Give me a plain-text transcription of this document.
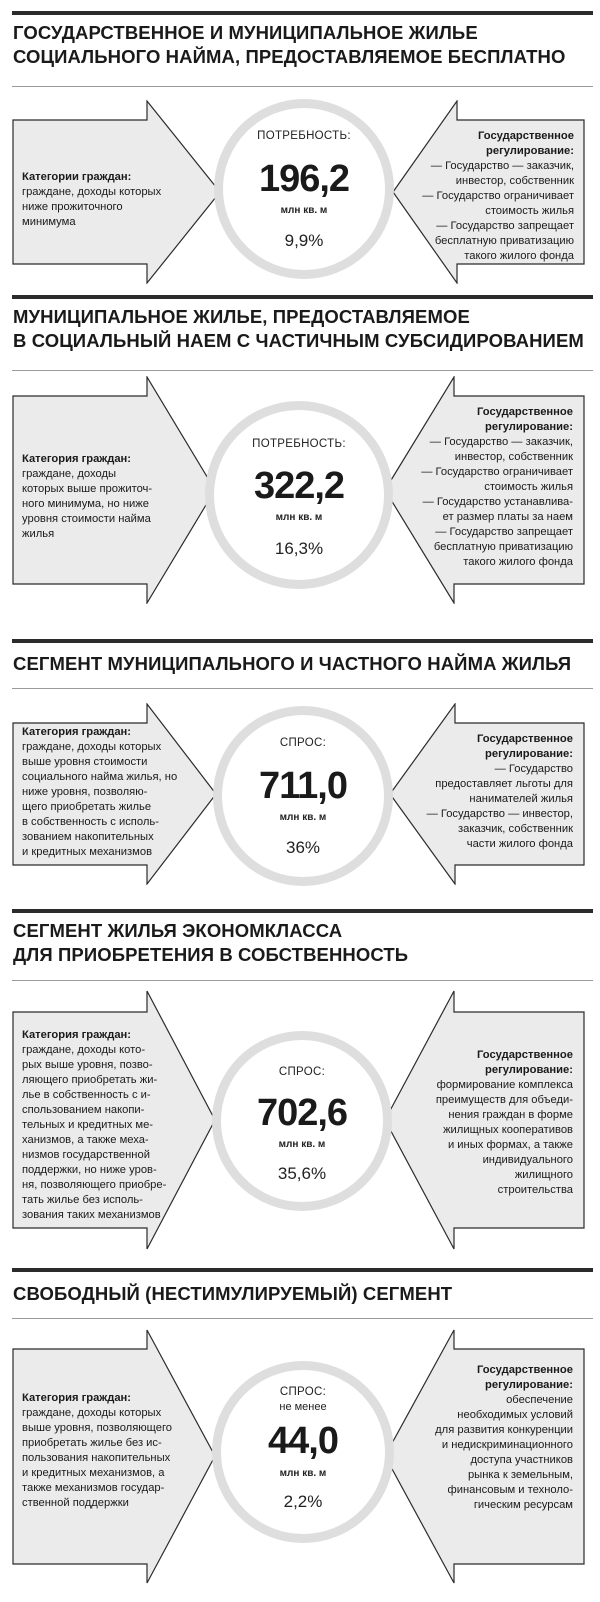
ГОСУДАРСТВЕННОЕ И МУНИЦИПАЛЬНОЕ ЖИЛЬЕ
СОЦИАЛЬНОГО НАЙМА, ПРЕДОСТАВЛЯЕМОЕ БЕСПЛАТНО
Категории граждан:
граждане, доходы которых
ниже прожиточного
минимума
Государственное
регулирование:
— Государство — заказчик,
инвестор, собственник
— Государство ограничивает
стоимость жилья
— Государство запрещает
бесплатную приватизацию
такого жилого фонда
ПОТРЕБНОСТЬ:
196,2
млн кв. м
9,9%
МУНИЦИПАЛЬНОЕ ЖИЛЬЕ, ПРЕДОСТАВЛЯЕМОЕ
В СОЦИАЛЬНЫЙ НАЕМ С ЧАСТИЧНЫМ СУБСИДИРОВАНИЕМ
Категория граждан:
граждане, доходы
которых выше прожиточ-
ного минимума, но ниже
уровня стоимости найма
жилья
Государственное
регулирование:
— Государство — заказчик,
инвестор, собственник
— Государство ограничивает
стоимость жилья
— Государство устанавлива-
ет размер платы за наем
— Государство запрещает
бесплатную приватизацию
такого жилого фонда
ПОТРЕБНОСТЬ:
322,2
млн кв. м
16,3%
СЕГМЕНТ МУНИЦИПАЛЬНОГО И ЧАСТНОГО НАЙМА ЖИЛЬЯ
Категория граждан:
граждане, доходы которых
выше уровня стоимости
социального найма жилья, но
ниже уровня, позволяю-
щего приобретать жилье
в собственность с исполь-
зованием накопительных
и кредитных механизмов
Государственное
регулирование:
— Государство
предоставляет льготы для
нанимателей жилья
— Государство — инвестор,
заказчик, собственник
части жилого фонда
СПРОС:
711,0
млн кв. м
36%
СЕГМЕНТ ЖИЛЬЯ ЭКОНОМКЛАССА
ДЛЯ ПРИОБРЕТЕНИЯ В СОБСТВЕННОСТЬ
Категория граждан:
граждане, доходы кото-
рых выше уровня, позво-
ляющего приобретать жи-
лье в собственность с и-
спользованием накопи-
тельных и кредитных ме-
ханизмов, а также меха-
низмов государственной
поддержки, но ниже уров-
ня, позволяющего приобре-
тать жилье без исполь-
зования таких механизмов
Государственное
регулирование:
формирование комплекса
преимуществ для объеди-
нения граждан в форме
жилищных кооперативов
и иных формах, а также
индивидуального
жилищного
строительства
СПРОС:
702,6
млн кв. м
35,6%
СВОБОДНЫЙ (НЕСТИМУЛИРУЕМЫЙ) СЕГМЕНТ
Категория граждан:
граждане, доходы которых
выше уровня, позволяющего
приобретать жилье без ис-
пользования накопительных
и кредитных механизмов, а
также механизмов государ-
ственной поддержки
Государственное
регулирование:
обеспечение
необходимых условий
для развития конкуренции
и недискриминационного
доступа участников
рынка к земельным,
финансовым и техноло-
гическим ресурсам
СПРОС:
не менее
44,0
млн кв. м
2,2%
